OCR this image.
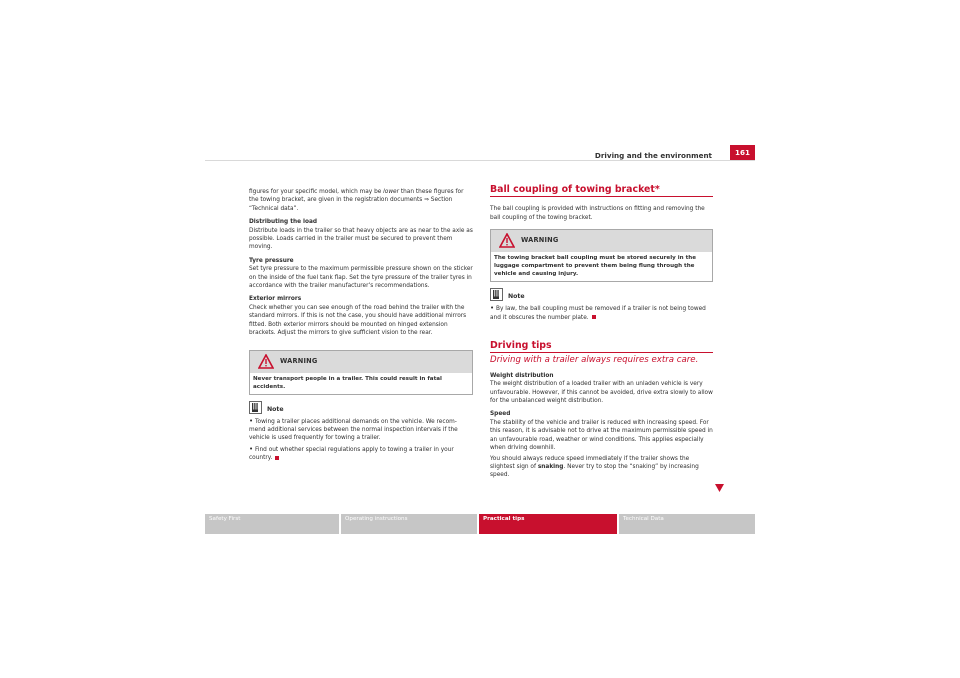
Driving and the environment	161

figures for your specific model, which may be lower than these figures for the towing bracket, are given in the registration documents ⇒ Section “Technical data”.

Distributing the load

Distribute loads in the trailer so that heavy objects are as near to the axle as possible. Loads carried in the trailer must be secured to prevent them moving.

Tyre pressure

Set tyre pressure to the maximum permissible pressure shown on the sticker on the inside of the fuel tank flap. Set the tyre pressure of the trailer tyres in accordance with the trailer manufacturer’s recommendations.

Exterior mirrors

Check whether you can see enough of the road behind the trailer with the standard mirrors. If this is not the case, you should have additional mirrors fitted. Both exterior mirrors should be mounted on hinged extension brackets. Adjust the mirrors to give sufficient vision to the rear.

WARNING
Never transport people in a trailer. This could result in fatal accidents.
Note

• Towing a trailer places additional demands on the vehicle. We recom-mend additional services between the normal inspection intervals if the vehicle is used frequently for towing a trailer.

• Find out whether special regulations apply to towing a trailer in your country.

Ball coupling of towing bracket*

The ball coupling is provided with instructions on fitting and removing the ball coupling of the towing bracket.

WARNING
The towing bracket ball coupling must be stored securely in the luggage compartment to prevent them being flung through the vehicle and causing injury.
Note

• By law, the ball coupling must be removed if a trailer is not being towed and it obscures the number plate.

Driving tips
Driving with a trailer always requires extra care.

Weight distribution

The weight distribution of a loaded trailer with an unladen vehicle is very unfavourable. However, if this cannot be avoided, drive extra slowly to allow for the unbalanced weight distribution.

Speed

The stability of the vehicle and trailer is reduced with increasing speed. For this reason, it is advisable not to drive at the maximum permissible speed in an unfavourable road, weather or wind conditions. This applies especially when driving downhill.

You should always reduce speed immediately if the trailer shows the slightest sign of snaking. Never try to stop the “snaking” by increasing speed.

Safety First	Operating instructions	Practical tips	Technical Data
